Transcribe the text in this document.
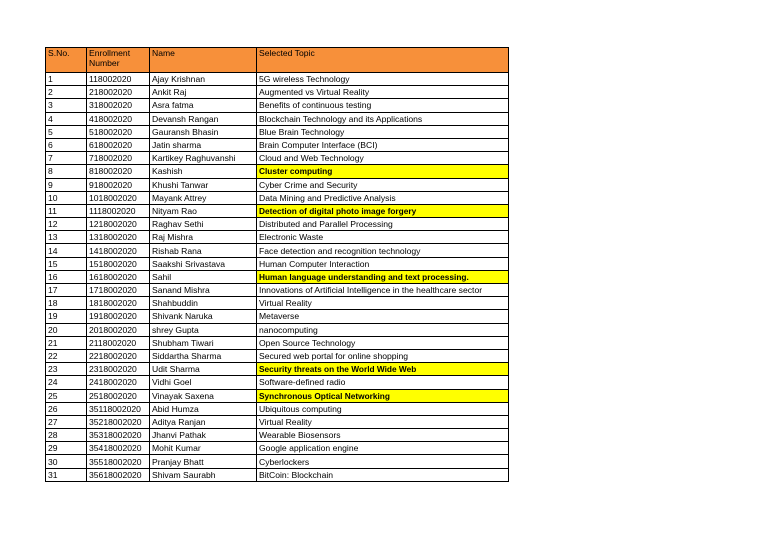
S.No.	Enrollment Number	Name	Selected Topic
1	118002020	Ajay Krishnan	5G wireless Technology
2	218002020	Ankit Raj	Augmented vs Virtual Reality
3	318002020	Asra fatma	Benefits of continuous testing
4	418002020	Devansh Rangan	Blockchain Technology and its Applications
5	518002020	Gauransh Bhasin	Blue Brain Technology
6	618002020	Jatin sharma	Brain Computer Interface (BCI)
7	718002020	Kartikey Raghuvanshi	Cloud and Web Technology
8	818002020	Kashish	Cluster computing
9	918002020	Khushi Tanwar	Cyber Crime and Security
10	1018002020	Mayank Attrey	Data Mining and Predictive Analysis
11	1118002020	Nityam Rao	Detection of digital photo image forgery
12	1218002020	Raghav Sethi	Distributed and Parallel Processing
13	1318002020	Raj Mishra	Electronic Waste
14	1418002020	Rishab Rana	Face detection and recognition technology
15	1518002020	Saakshi Srivastava	Human Computer Interaction
16	1618002020	Sahil	Human language understanding and text processing.
17	1718002020	Sanand Mishra	Innovations of Artificial Intelligence in the healthcare sector
18	1818002020	Shahbuddin	Virtual Reality
19	1918002020	Shivank Naruka	Metaverse
20	2018002020	shrey Gupta	nanocomputing
21	2118002020	Shubham Tiwari	Open Source Technology
22	2218002020	Siddartha Sharma	Secured web portal for online shopping
23	2318002020	Udit Sharma	Security threats on the World Wide Web
24	2418002020	Vidhi Goel	Software-defined radio
25	2518002020	Vinayak Saxena	Synchronous Optical Networking
26	35118002020	Abid Humza	Ubiquitous computing
27	35218002020	Aditya Ranjan	Virtual Reality
28	35318002020	Jhanvi Pathak	Wearable Biosensors
29	35418002020	Mohit Kumar	Google application engine
30	35518002020	Pranjay Bhatt	Cyberlockers
31	35618002020	Shivam Saurabh	BitCoin: Blockchain
